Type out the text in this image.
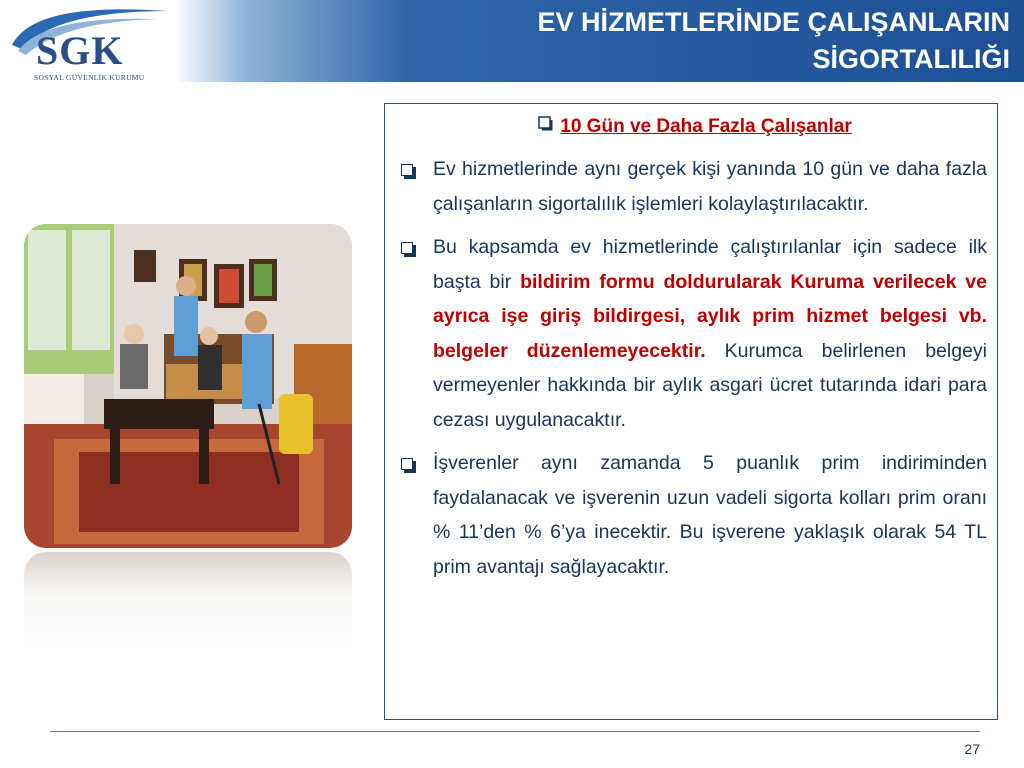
SGK
SOSYAL GÜVENLİK KURUMU
EV HİZMETLERİNDE ÇALIŞANLARIN
SİGORTALILIĞI
10 Gün ve Daha Fazla Çalışanlar
Ev hizmetlerinde aynı gerçek kişi yanında 10 gün ve daha fazla çalışanların sigortalılık işlemleri kolaylaştırılacaktır.
Bu kapsamda ev hizmetlerinde çalıştırılanlar için sadece ilk başta bir bildirim formu doldurularak Kuruma verilecek ve ayrıca işe giriş bildirgesi, aylık prim hizmet belgesi vb. belgeler düzenlemeyecektir. Kurumca belirlenen belgeyi vermeyenler hakkında bir aylık asgari ücret tutarında idari para cezası uygulanacaktır.
İşverenler aynı zamanda 5 puanlık prim indiriminden faydalanacak ve işverenin uzun vadeli sigorta kolları prim oranı % 11’den % 6’ya inecektir. Bu işverene yaklaşık olarak 54 TL prim avantajı sağlayacaktır.
27
